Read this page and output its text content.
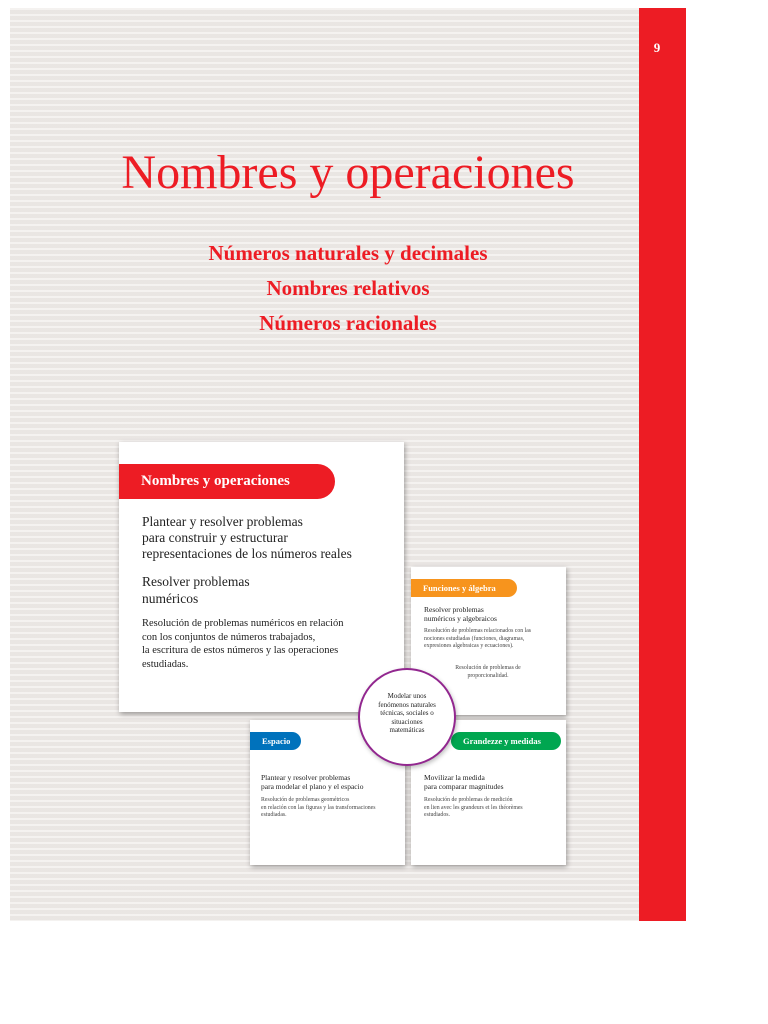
9
Nombres y operaciones
Números naturales y decimales
Nombres relativos
Números racionales
Nombres y operaciones
Plantear y resolver problemas
para construir y estructurar
representaciones de los números reales
Resolver problemas
numéricos
Resolución de problemas numéricos en relación
con los conjuntos de números trabajados,
la escritura de estos números y las operaciones
estudiadas.
Funciones y álgebra
Resolver problemas
numéricos y algebraicos
Resolución de problemas relacionados con las
nociones estudiadas (funciones, diagramas,
expresiones algebraicas y ecuaciones).
Resolución de problemas de
proporcionalidad.
Espacio
Plantear y resolver problemas
para modelar el plano y el espacio
Resolución de problemas geométricos
en relación con las figuras y las transformaciones
estudiadas.
Grandezze y medidas
Movilizar la medida
para comparar magnitudes
Resolución de problemas de medición
en lien avec les grandeurs et les théorèmes
estudiados.
Modelar unos
fenómenos naturales
técnicas, sociales o
situaciones
matemáticas
